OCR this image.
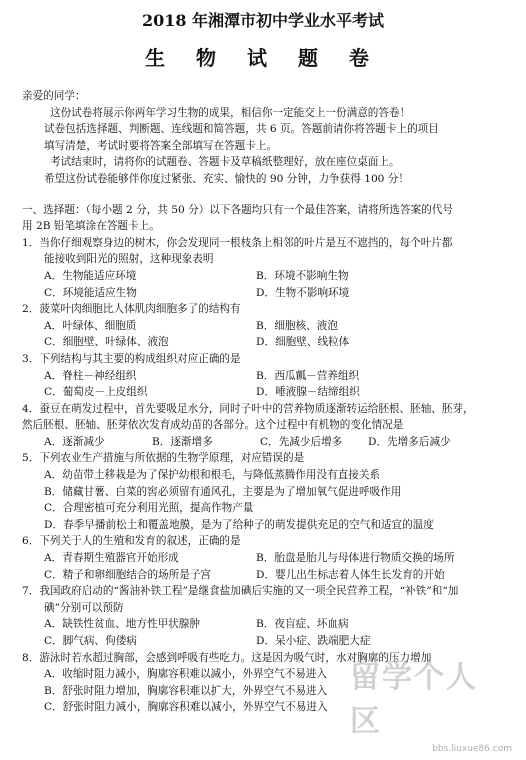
2018 年湘潭市初中学业水平考试
生 物 试 题 卷
亲爱的同学：
这份试卷将展示你两年学习生物的成果，相信你一定能交上一份满意的答卷！
试卷包括选择题、判断题、连线题和简答题，共 6 页。答题前请你将答题卡上的项目
填写清楚，考试时要将答案全部填写在答题卡上。
考试结束时，请将你的试题卷、答题卡及草稿纸整理好，放在座位桌面上。
希望这份试卷能够伴你度过紧张、充实、愉快的 90 分钟，力争获得 100 分！
一、选择题：（每小题 2 分，共 50 分）以下各题均只有一个最佳答案，请将所选答案的代号
用 2B 铅笔填涂在答题卡上。
1．当你仔细观察身边的树木，你会发现同一根枝条上相邻的叶片是互不遮挡的，每个叶片都
能接收到阳光的照射，这种现象表明
A．生物能适应环境	B．环境不影响生物
C．环境能适应生物	D．生物不影响环境
2．菠菜叶肉细胞比人体肌肉细胞多了的结构有
A．叶绿体、细胞质	B．细胞核、液泡
C．细胞壁、叶绿体、液泡	D．细胞壁、线粒体
3．下列结构与其主要的构成组织对应正确的是
A．脊柱－神经组织	B．西瓜瓤－营养组织
C．葡萄皮－上皮组织	D．唾液腺－结缔组织
4．蚕豆在萌发过程中，首先要吸足水分，同时子叶中的营养物质逐渐转运给胚根、胚轴、胚芽，
然后胚根、胚轴、胚芽依次发育成幼苗的各部分。这个过程中有机物的变化情况是
A．逐渐减少	B．逐渐增多	C．先减少后增多	D．先增多后减少
5．下列农业生产措施与所依据的生物学原理，对应错误的是
A．幼苗带土移栽是为了保护幼根和根毛，与降低蒸腾作用没有直接关系
B．储藏甘薯、白菜的窖必须留有通风孔，主要是为了增加氧气促进呼吸作用
C．合理密植可充分利用光照，提高作物产量
D．春季早播前松土和覆盖地膜，是为了给种子的萌发提供充足的空气和适宜的温度
6．下列关于人的生殖和发育的叙述，正确的是
A．青春期生殖器官开始形成	B．胎盘是胎儿与母体进行物质交换的场所
C．精子和卵细胞结合的场所是子宫	D．婴儿出生标志着人体生长发育的开始
7．我国政府启动的“酱油补铁工程”是继食盐加碘后实施的又一项全民营养工程，“补铁”和“加
碘”分别可以预防
A．缺铁性贫血、地方性甲状腺肿	B．夜盲症、坏血病
C．脚气病、佝偻病	D．呆小症、跌端肥大症
8．游泳时若水超过胸部，会感到呼吸有些吃力。这是因为吸气时，水对胸廓的压力增加
A．收缩时阻力减小，胸廓容积难以减小，外界空气不易进入
B．舒张时阻力增加，胸廓容积难以扩大，外界空气不易进入
C．舒张时阻力减小，胸廓容积难以减小，外界空气不易进入
留学个人区
bbs.liuxue86.com
